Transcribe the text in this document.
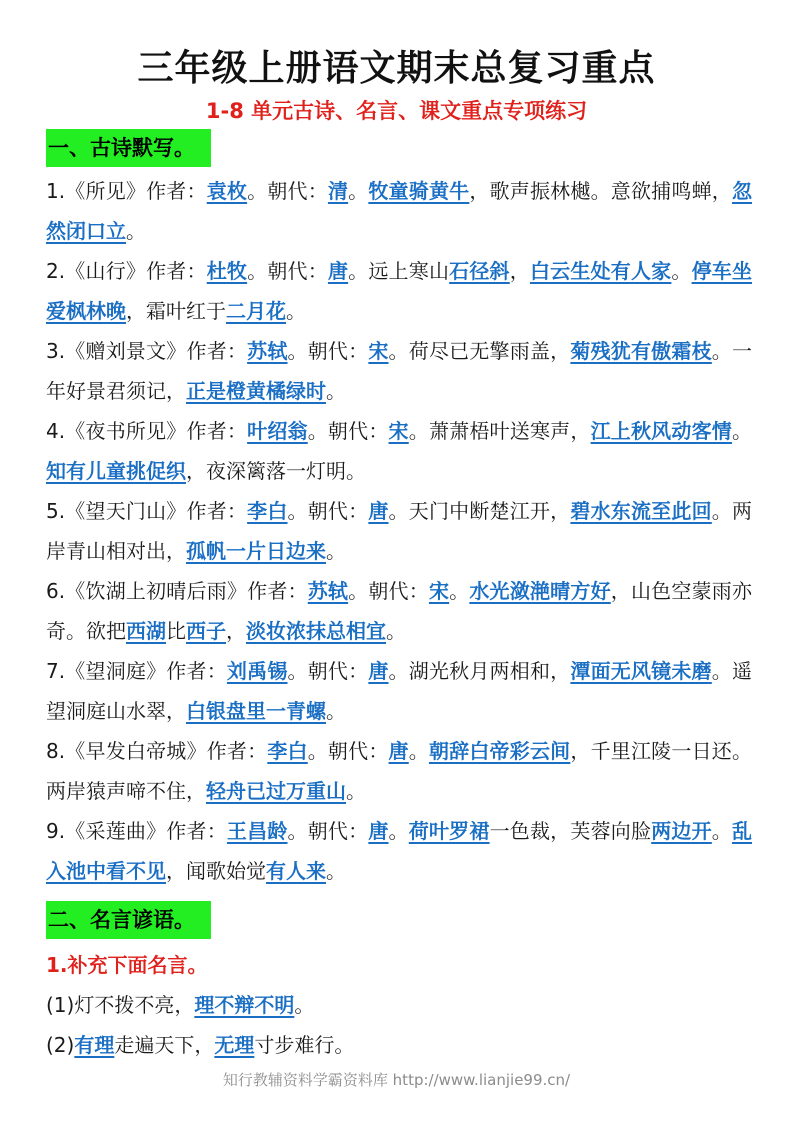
三年级上册语文期末总复习重点
1-8 单元古诗、名言、课文重点专项练习
一、古诗默写。
1.《所见》作者：袁枚。朝代：清。牧童骑黄牛，歌声振林樾。意欲捕鸣蝉，忽然闭口立。
2.《山行》作者：杜牧。朝代：唐。远上寒山石径斜，白云生处有人家。停车坐爱枫林晚，霜叶红于二月花。
3.《赠刘景文》作者：苏轼。朝代：宋。荷尽已无擎雨盖，菊残犹有傲霜枝。一年好景君须记，正是橙黄橘绿时。
4.《夜书所见》作者：叶绍翁。朝代：宋。萧萧梧叶送寒声，江上秋风动客情。知有儿童挑促织，夜深篱落一灯明。
5.《望天门山》作者：李白。朝代：唐。天门中断楚江开，碧水东流至此回。两岸青山相对出，孤帆一片日边来。
6.《饮湖上初晴后雨》作者：苏轼。朝代：宋。水光潋滟晴方好，山色空蒙雨亦奇。欲把西湖比西子，淡妆浓抹总相宜。
7.《望洞庭》作者：刘禹锡。朝代：唐。湖光秋月两相和，潭面无风镜未磨。遥望洞庭山水翠，白银盘里一青螺。
8.《早发白帝城》作者：李白。朝代：唐。朝辞白帝彩云间，千里江陵一日还。两岸猿声啼不住，轻舟已过万重山。
9.《采莲曲》作者：王昌龄。朝代：唐。荷叶罗裙一色裁，芙蓉向脸两边开。乱入池中看不见，闻歌始觉有人来。
二、名言谚语。
1.补充下面名言。
(1)灯不拨不亮，理不辩不明。
(2)有理走遍天下，无理寸步难行。
知行教辅资料学霸资料库 http://www.lianjie99.cn/
